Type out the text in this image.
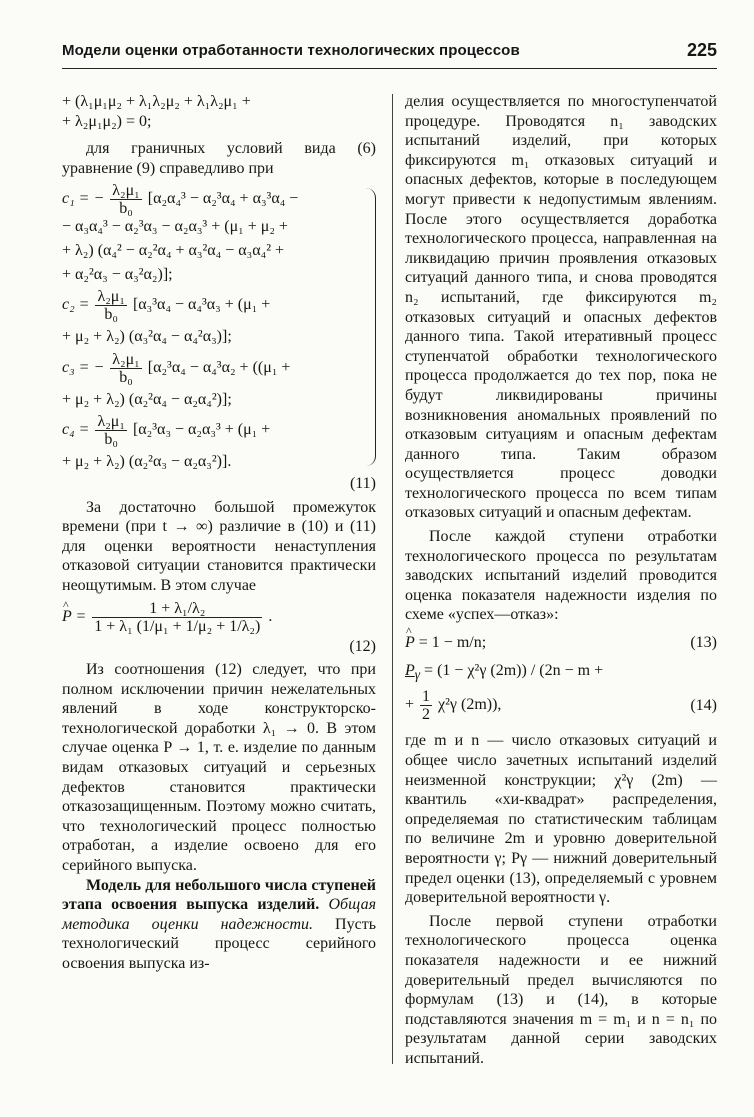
Модели оценки отработанности технологических процессов	225

+ (λ₁μ₁μ₂ + λ₁λ₂μ₂ + λ₁λ₂μ₁ +

+ λ₂μ₁μ₂) = 0;

для граничных условий вида (6) уравнение (9) справедливо при

c₁ = − $\frac{\text{λ₂μ₁}}{\text{b₀}} [\alpha_2\alpha_4^3 - \alpha_2^3\alpha_4 + \alpha_3^3\alpha_4$ −

− α₃α₄³ − α₂³α₃ − α₂α₃³ + (μ₁ + μ₂ +

+ λ₂) (α₄² − α₂²α₄ + α₃²α₄ − α₃α₄² +

+ α₂²α₃ − α₃²α₂)];

$c_2 = \frac{\text{λ₂μ₁}}{\text{b₀}} [\alpha_3^3\alpha_4 - \alpha_4^3\alpha_3 + (\mu_1$ +

+ μ₂ + λ₂) (α₃²α₄ − α₄²α₃)];

c₃ = − $\frac{\text{λ₂μ₁}}{\text{b₀}} [\alpha_2^3\alpha_4 - \alpha_4^3\alpha_2 + ((\mu_1$ +

+ μ₂ + λ₂) (α₂²α₄ − α₂α₄²)];

$c_4 = \frac{\text{λ₂μ₁}}{\text{b₀}} [\alpha_2^3\alpha_3 - \alpha_2\alpha_3^3 + (\mu_1$ +

+ μ₂ + λ₂) (α₂²α₃ − α₂α₃²)].

(11)

За достаточно большой промежуток времени (при t → ∞) различие в (10) и (11) для оценки вероятности ненаступления отказовой ситуации становится практически неощутимым. В этом случае

^ $P = \frac{\text{1 + λ₁/λ₂}}{\text{1 + λ₁ (1/μ₁ + 1/μ₂ + 1/λ₂)}}$ .

(12)

Из соотношения (12) следует, что при полном исключении причин нежелательных явлений в ходе конструкторско-технологической доработки λ₁ → 0. В этом случае оценка P → 1, т. е. изделие по данным видам отказовых ситуаций и серьезных дефектов становится практически отказозащищенным. Поэтому можно считать, что технологический процесс полностью отработан, а изделие освоено для его серийного выпуска.

Модель для небольшого числа ступеней этапа освоения выпуска изделий. Общая методика оценки надежности. Пусть технологический процесс серийного освоения выпуска из-

делия осуществляется по многоступенчатой процедуре. Проводятся n₁ заводских испытаний изделий, при которых фиксируются m₁ отказовых ситуаций и опасных дефектов, которые в последующем могут привести к недопустимым явлениям. После этого осуществляется доработка технологического процесса, направленная на ликвидацию причин проявления отказовых ситуаций данного типа, и снова проводятся n₂ испытаний, где фиксируются m₂ отказовых ситуаций и опасных дефектов данного типа. Такой итеративный процесс ступенчатой обработки технологического процесса продолжается до тех пор, пока не будут ликвидированы причины возникновения аномальных проявлений по отказовым ситуациям и опасным дефектам данного типа. Таким образом осуществляется процесс доводки технологического процесса по всем типам отказовых ситуаций и опасным дефектам.

После каждой ступени отработки технологического процесса по результатам заводских испытаний изделий проводится оценка показателя надежности изделия по схеме «успех—отказ»:

^ P = 1 − m/n;	(13)

$P_\gamma = (1 - \chi^2\gamma$ (2m)) / (2n − m +

+ $\frac{1}{2} \chi^2\gamma$ (2m)),	(14)

где m и n — число отказовых ситуаций и общее число зачетных испытаний изделий неизменной конструкции; χ²γ (2m) — квантиль «хи-квадрат» распределения, определяемая по статистическим таблицам по величине 2m и уровню доверительной вероятности γ; Pγ — нижний доверительный предел оценки (13), определяемый с уровнем доверительной вероятности γ.

После первой ступени отработки технологического процесса оценка показателя надежности и ее нижний доверительный предел вычисляются по формулам (13) и (14), в которые подставляются значения m = m₁ и n = n₁ по результатам данной серии заводских испытаний.
